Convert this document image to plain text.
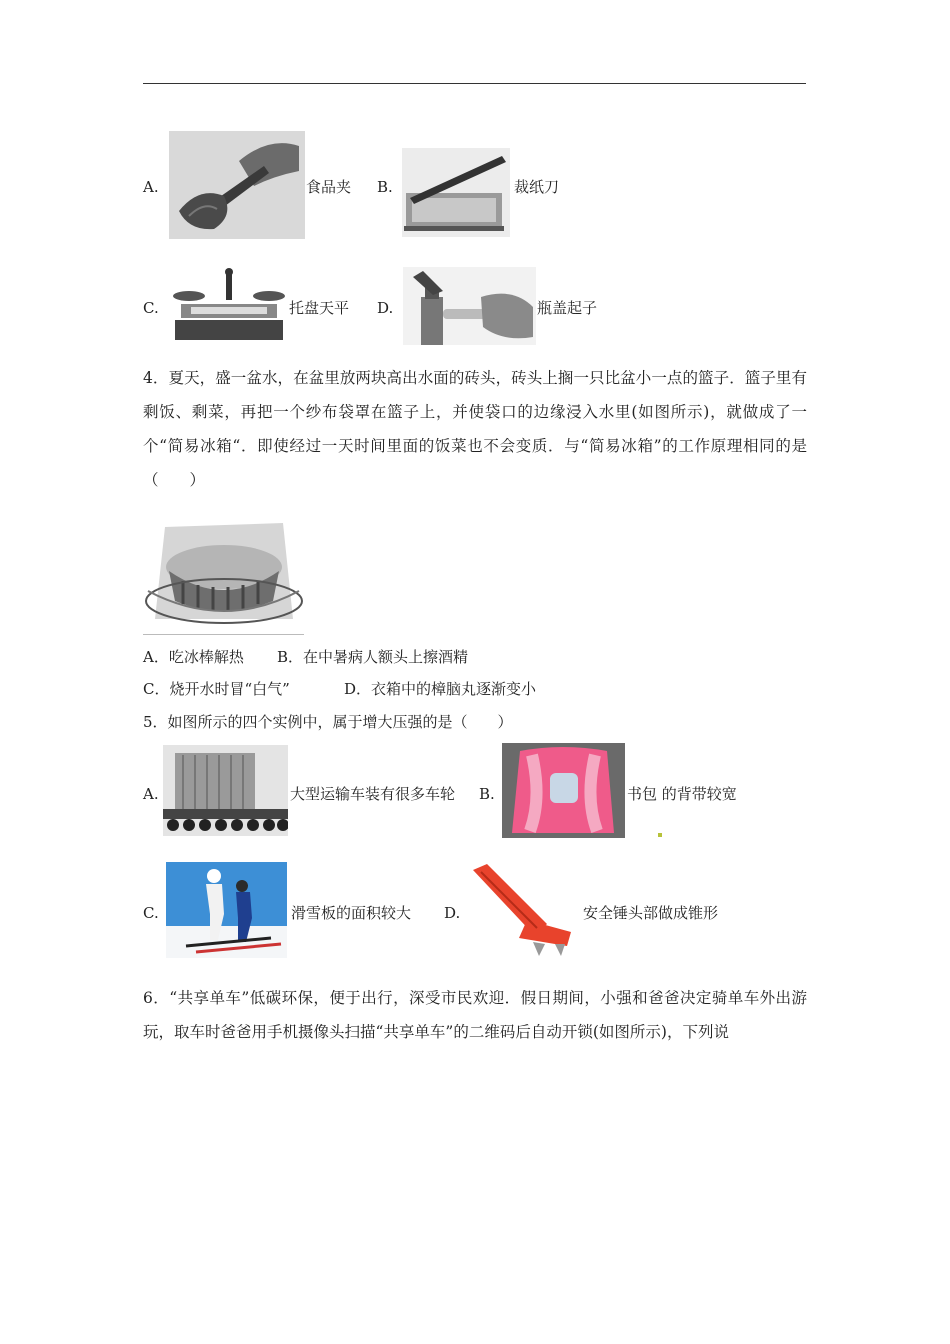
A.	食品夹 B.	裁纸刀
C.	托盘天平 D.	瓶盖起子
4．夏天，盛一盆水，在盆里放两块高出水面的砖头，砖头上搁一只比盆小一点的篮子．篮子里有剩饭、剩菜，再把一个纱布袋罩在篮子上，并使袋口的边缘浸入水里(如图所示)，就做成了一个“简易冰箱“．即使经过一天时间里面的饭菜也不会变质．与“简易冰箱”的工作原理相同的是（　　）
A．吃冰棒解热 B．在中暑病人额头上擦酒精
C．烧开水时冒“白气”	D．衣箱中的樟脑丸逐渐变小
5．如图所示的四个实例中，属于增大压强的是（　　）
A.	大型运输车装有很多车轮 B.	书包 的背带较宽
C.	滑雪板的面积较大 D.	安全锤头部做成锥形
6．“共享单车”低碳环保，便于出行，深受市民欢迎．假日期间，小强和爸爸决定骑单车外出游玩，取车时爸爸用手机摄像头扫描“共享单车”的二维码后自动开锁(如图所示)，下列说
